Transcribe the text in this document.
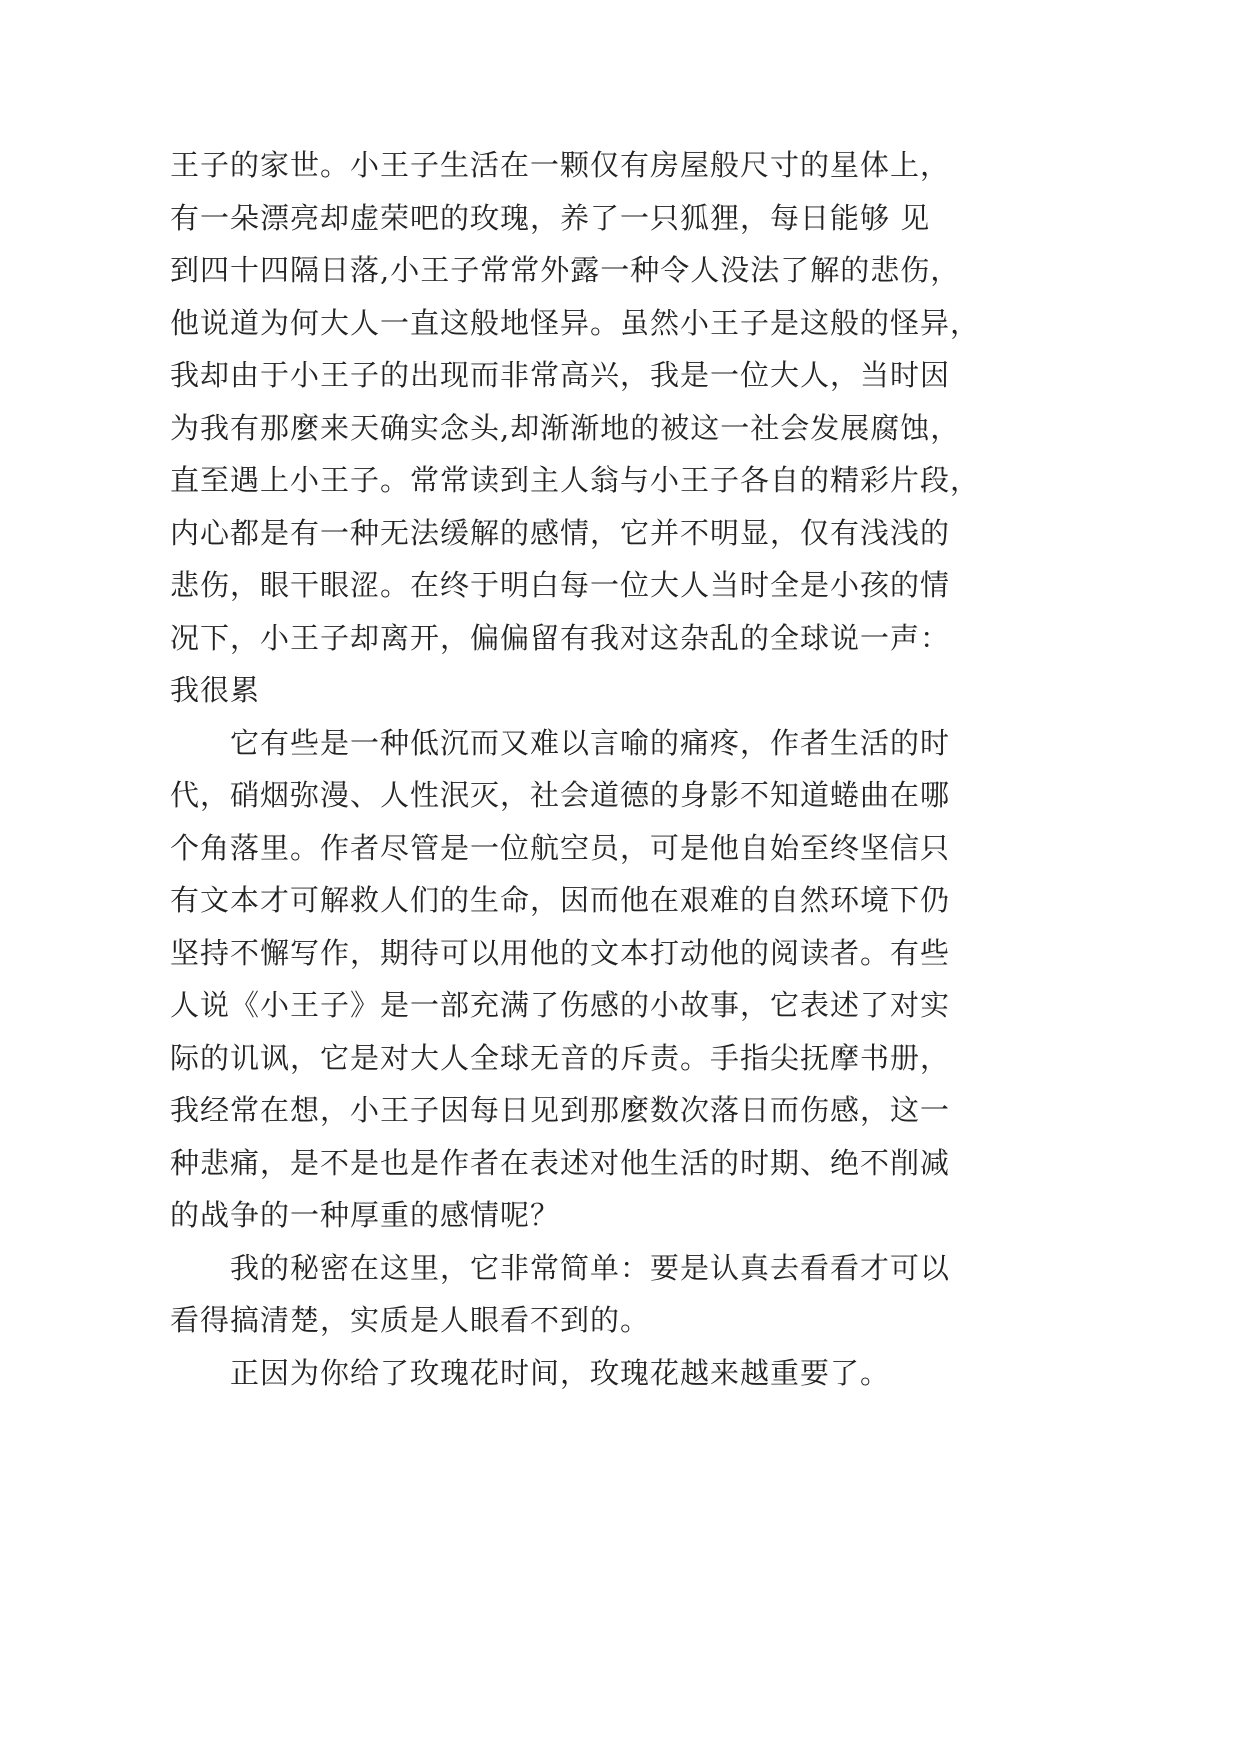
王子的家世。小王子生活在一颗仅有房屋般尺寸的星体上，
有一朵漂亮却虚荣吧的玫瑰，养了一只狐狸，每日能够 见
到四十四隔日落,小王子常常外露一种令人没法了解的悲伤，
他说道为何大人一直这般地怪异。虽然小王子是这般的怪异，
我却由于小王子的出现而非常高兴，我是一位大人，当时因
为我有那麼来天确实念头,却渐渐地的被这一社会发展腐蚀，
直至遇上小王子。常常读到主人翁与小王子各自的精彩片段，
内心都是有一种无法缓解的感情，它并不明显，仅有浅浅的
悲伤，眼干眼涩。在终于明白每一位大人当时全是小孩的情
况下，小王子却离开，偏偏留有我对这杂乱的全球说一声：
我很累
它有些是一种低沉而又难以言喻的痛疼，作者生活的时
代，硝烟弥漫、人性泯灭，社会道德的身影不知道蜷曲在哪
个角落里。作者尽管是一位航空员，可是他自始至终坚信只
有文本才可解救人们的生命，因而他在艰难的自然环境下仍
坚持不懈写作，期待可以用他的文本打动他的阅读者。有些
人说《小王子》是一部充满了伤感的小故事，它表述了对实
际的讥讽，它是对大人全球无音的斥责。手指尖抚摩书册，
我经常在想，小王子因每日见到那麼数次落日而伤感，这一
种悲痛，是不是也是作者在表述对他生活的时期、绝不削减
的战争的一种厚重的感情呢？
我的秘密在这里，它非常简单：要是认真去看看才可以
看得搞清楚，实质是人眼看不到的。
正因为你给了玫瑰花时间，玫瑰花越来越重要了。
